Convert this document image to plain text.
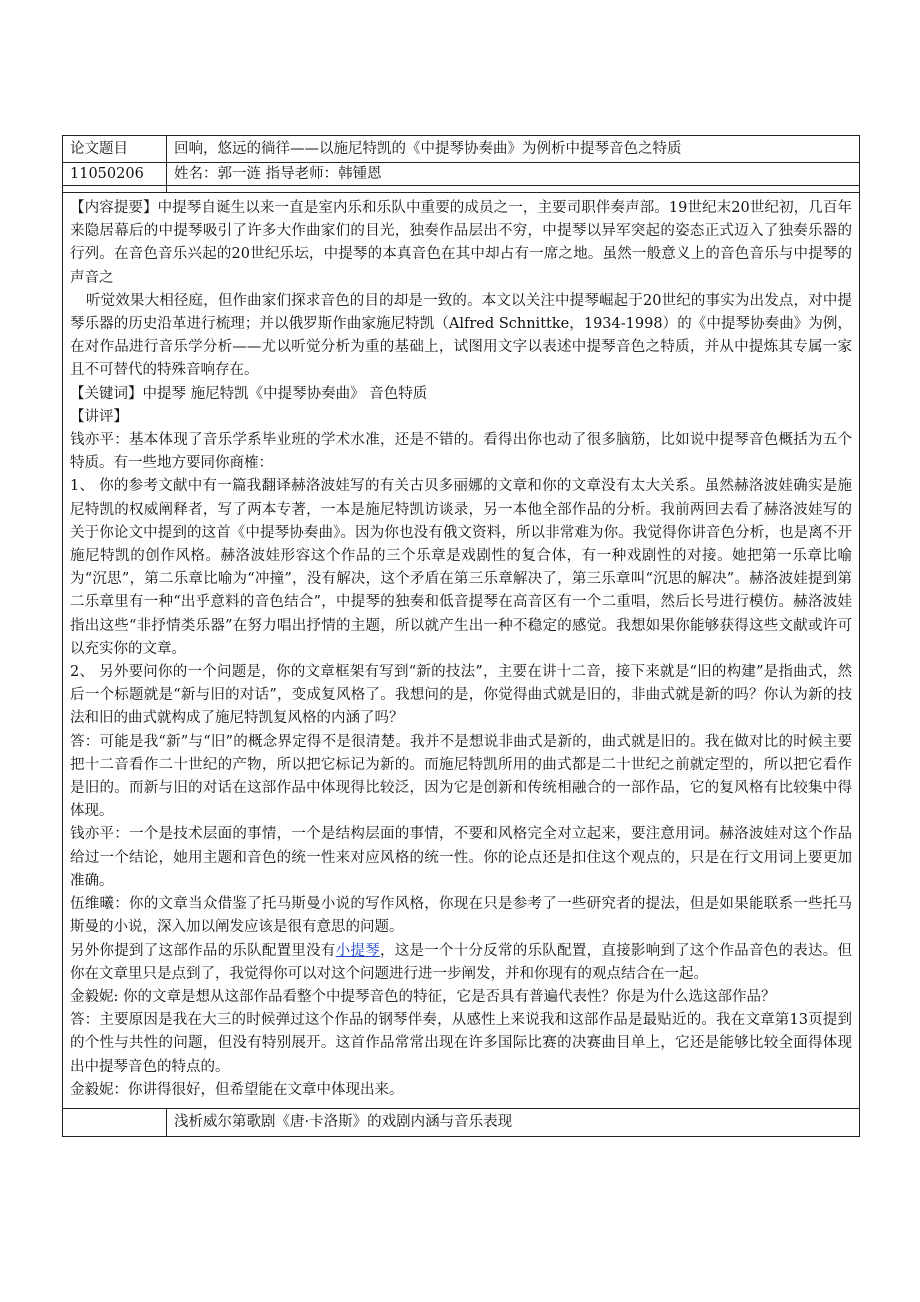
论文题目	回响，悠远的徜徉——以施尼特凯的《中提琴协奏曲》为例析中提琴音色之特质
11050206	姓名：郭一涟 指导老师：韩锺恩

【内容提要】中提琴自诞生以来一直是室内乐和乐队中重要的成员之一，主要司职伴奏声部。19世纪末20世纪初，几百年来隐居幕后的中提琴吸引了许多大作曲家们的目光，独奏作品层出不穷，中提琴以异军突起的姿态正式迈入了独奏乐器的行列。在音色音乐兴起的20世纪乐坛，中提琴的本真音色在其中却占有一席之地。虽然一般意义上的音色音乐与中提琴的声音之

听觉效果大相径庭，但作曲家们探求音色的目的却是一致的。本文以关注中提琴崛起于20世纪的事实为出发点，对中提琴乐器的历史沿革进行梳理；并以俄罗斯作曲家施尼特凯（Alfred Schnittke，1934-1998）的《中提琴协奏曲》为例，在对作品进行音乐学分析——尤以听觉分析为重的基础上，试图用文字以表述中提琴音色之特质，并从中提炼其专属一家且不可替代的特殊音响存在。

【关键词】中提琴 施尼特凯《中提琴协奏曲》 音色特质

【讲评】

钱亦平：基本体现了音乐学系毕业班的学术水准，还是不错的。看得出你也动了很多脑筋，比如说中提琴音色概括为五个特质。有一些地方要同你商榷：

1、 你的参考文献中有一篇我翻译赫洛波娃写的有关古贝多丽娜的文章和你的文章没有太大关系。虽然赫洛波娃确实是施尼特凯的权威阐释者，写了两本专著，一本是施尼特凯访谈录，另一本他全部作品的分析。我前两回去看了赫洛波娃写的关于你论文中提到的这首《中提琴协奏曲》。因为你也没有俄文资料，所以非常难为你。我觉得你讲音色分析，也是离不开施尼特凯的创作风格。赫洛波娃形容这个作品的三个乐章是戏剧性的复合体，有一种戏剧性的对接。她把第一乐章比喻为“沉思”，第二乐章比喻为“冲撞”，没有解决，这个矛盾在第三乐章解决了，第三乐章叫“沉思的解决”。赫洛波娃提到第二乐章里有一种“出乎意料的音色结合”，中提琴的独奏和低音提琴在高音区有一个二重唱，然后长号进行模仿。赫洛波娃指出这些“非抒情类乐器”在努力唱出抒情的主题，所以就产生出一种不稳定的感觉。我想如果你能够获得这些文献或许可以充实你的文章。

2、 另外要问你的一个问题是，你的文章框架有写到“新的技法”，主要在讲十二音，接下来就是“旧的构建”是指曲式，然后一个标题就是“新与旧的对话”，变成复风格了。我想问的是，你觉得曲式就是旧的，非曲式就是新的吗？你认为新的技法和旧的曲式就构成了施尼特凯复风格的内涵了吗？

答：可能是我“新”与“旧”的概念界定得不是很清楚。我并不是想说非曲式是新的，曲式就是旧的。我在做对比的时候主要把十二音看作二十世纪的产物，所以把它标记为新的。而施尼特凯所用的曲式都是二十世纪之前就定型的，所以把它看作是旧的。而新与旧的对话在这部作品中体现得比较泛，因为它是创新和传统相融合的一部作品，它的复风格有比较集中得体现。

钱亦平：一个是技术层面的事情，一个是结构层面的事情，不要和风格完全对立起来，要注意用词。赫洛波娃对这个作品给过一个结论，她用主题和音色的统一性来对应风格的统一性。你的论点还是扣住这个观点的，只是在行文用词上要更加准确。

伍维曦：你的文章当众借鉴了托马斯曼小说的写作风格，你现在只是参考了一些研究者的提法，但是如果能联系一些托马斯曼的小说，深入加以阐发应该是很有意思的问题。

另外你提到了这部作品的乐队配置里没有小提琴，这是一个十分反常的乐队配置，直接影响到了这个作品音色的表达。但你在文章里只是点到了，我觉得你可以对这个问题进行进一步阐发，并和你现有的观点结合在一起。

金毅妮: 你的文章是想从这部作品看整个中提琴音色的特征，它是否具有普遍代表性？你是为什么选这部作品？

答：主要原因是我在大三的时候弹过这个作品的钢琴伴奏，从感性上来说我和这部作品是最贴近的。我在文章第13页提到的个性与共性的问题，但没有特别展开。这首作品常常出现在许多国际比赛的决赛曲目单上，它还是能够比较全面得体现出中提琴音色的特点的。

金毅妮：你讲得很好，但希望能在文章中体现出来。

浅析威尔第歌剧《唐·卡洛斯》的戏剧内涵与音乐表现
